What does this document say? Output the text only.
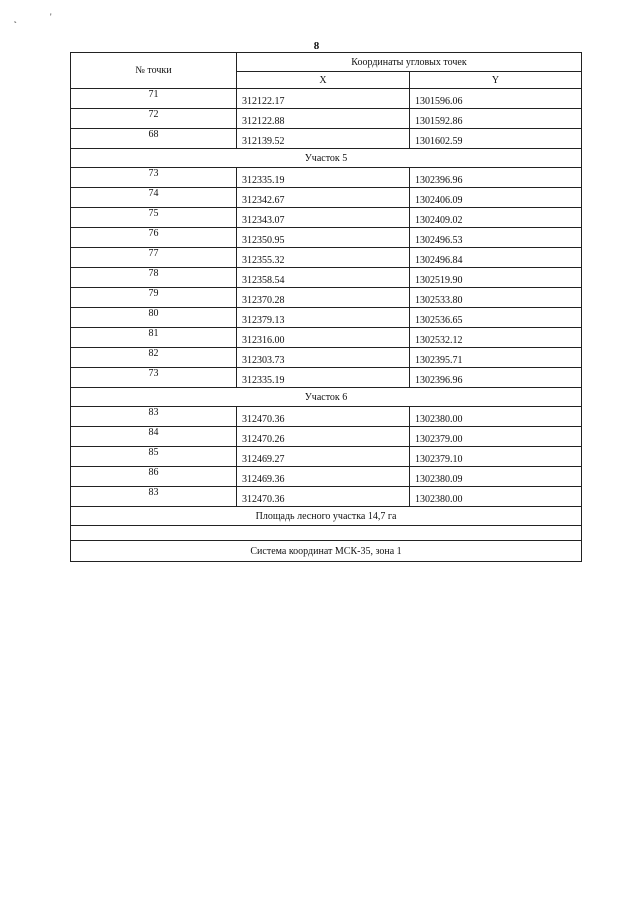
˛	'
8
№ точки	Координаты угловых точек	
	X	Y
71	312122.17	1301596.06
72	312122.88	1301592.86
68	312139.52	1301602.59
Участок 5		
73	312335.19	1302396.96
74	312342.67	1302406.09
75	312343.07	1302409.02
76	312350.95	1302496.53
77	312355.32	1302496.84
78	312358.54	1302519.90
79	312370.28	1302533.80
80	312379.13	1302536.65
81	312316.00	1302532.12
82	312303.73	1302395.71
73	312335.19	1302396.96
Участок 6		
83	312470.36	1302380.00
84	312470.26	1302379.00
85	312469.27	1302379.10
86	312469.36	1302380.09
83	312470.36	1302380.00
Площадь лесного участка 14,7 га		

Система координат МСК-35, зона 1		
